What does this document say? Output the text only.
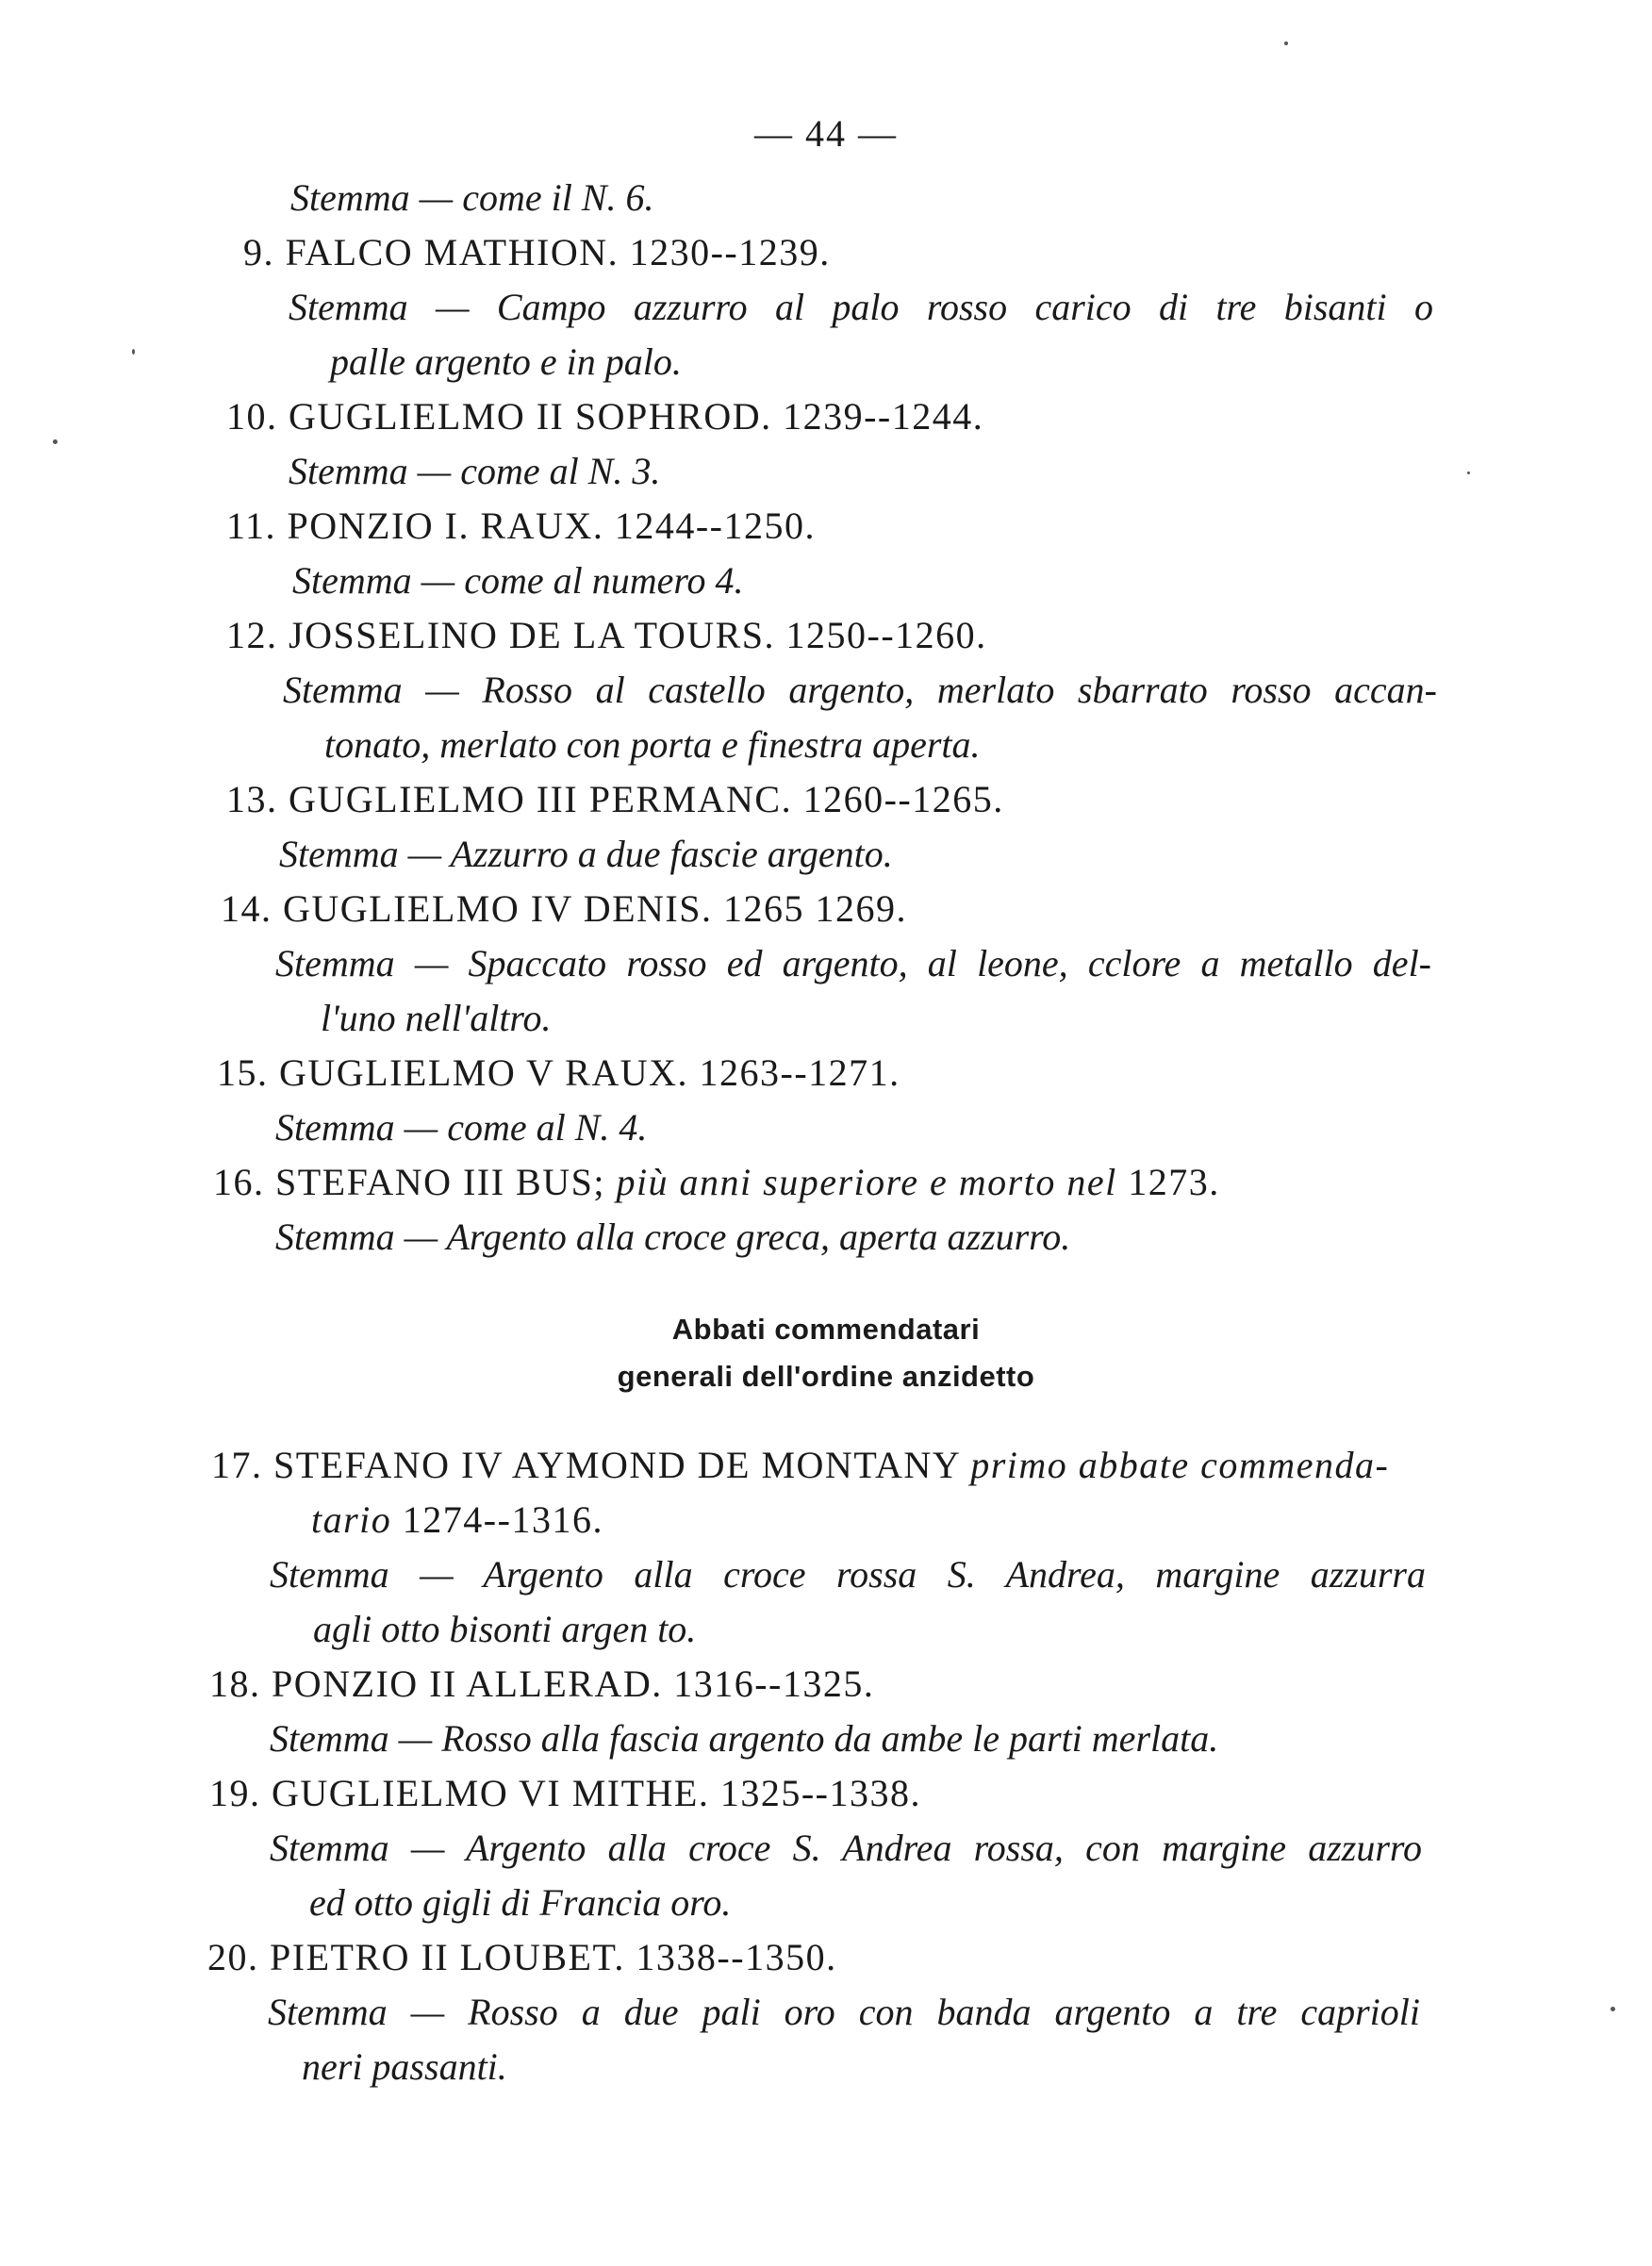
— 44 —
Stemma — come il N. 6.
9. FALCO MATHION. 1230--1239.
Stemma — Campo azzurro al palo rosso carico di tre bisanti o
palle argento e in palo.
10. GUGLIELMO II SOPHROD. 1239--1244.
Stemma — come al N. 3.
11. PONZIO I. RAUX. 1244--1250.
Stemma — come al numero 4.
12. JOSSELINO DE LA TOURS. 1250--1260.
Stemma — Rosso al castello argento, merlato sbarrato rosso accan-
tonato, merlato con porta e finestra aperta.
13. GUGLIELMO III PERMANC. 1260--1265.
Stemma — Azzurro a due fascie argento.
14. GUGLIELMO IV DENIS. 1265 1269.
Stemma — Spaccato rosso ed argento, al leone, cclore a metallo del-
l'uno nell'altro.
15. GUGLIELMO V RAUX. 1263--1271.
Stemma — come al N. 4.
16. STEFANO III BUS; più anni superiore e morto nel 1273.
Stemma — Argento alla croce greca, aperta azzurro.
Abbati commendatari
generali dell'ordine anzidetto
17. STEFANO IV AYMOND DE MONTANY primo abbate commenda-
tario 1274--1316.
Stemma — Argento alla croce rossa S. Andrea, margine azzurra
agli otto bisonti argen to.
18. PONZIO II ALLERAD. 1316--1325.
Stemma — Rosso alla fascia argento da ambe le parti merlata.
19. GUGLIELMO VI MITHE. 1325--1338.
Stemma — Argento alla croce S. Andrea rossa, con margine azzurro
ed otto gigli di Francia oro.
20. PIETRO II LOUBET. 1338--1350.
Stemma — Rosso a due pali oro con banda argento a tre caprioli
neri passanti.
